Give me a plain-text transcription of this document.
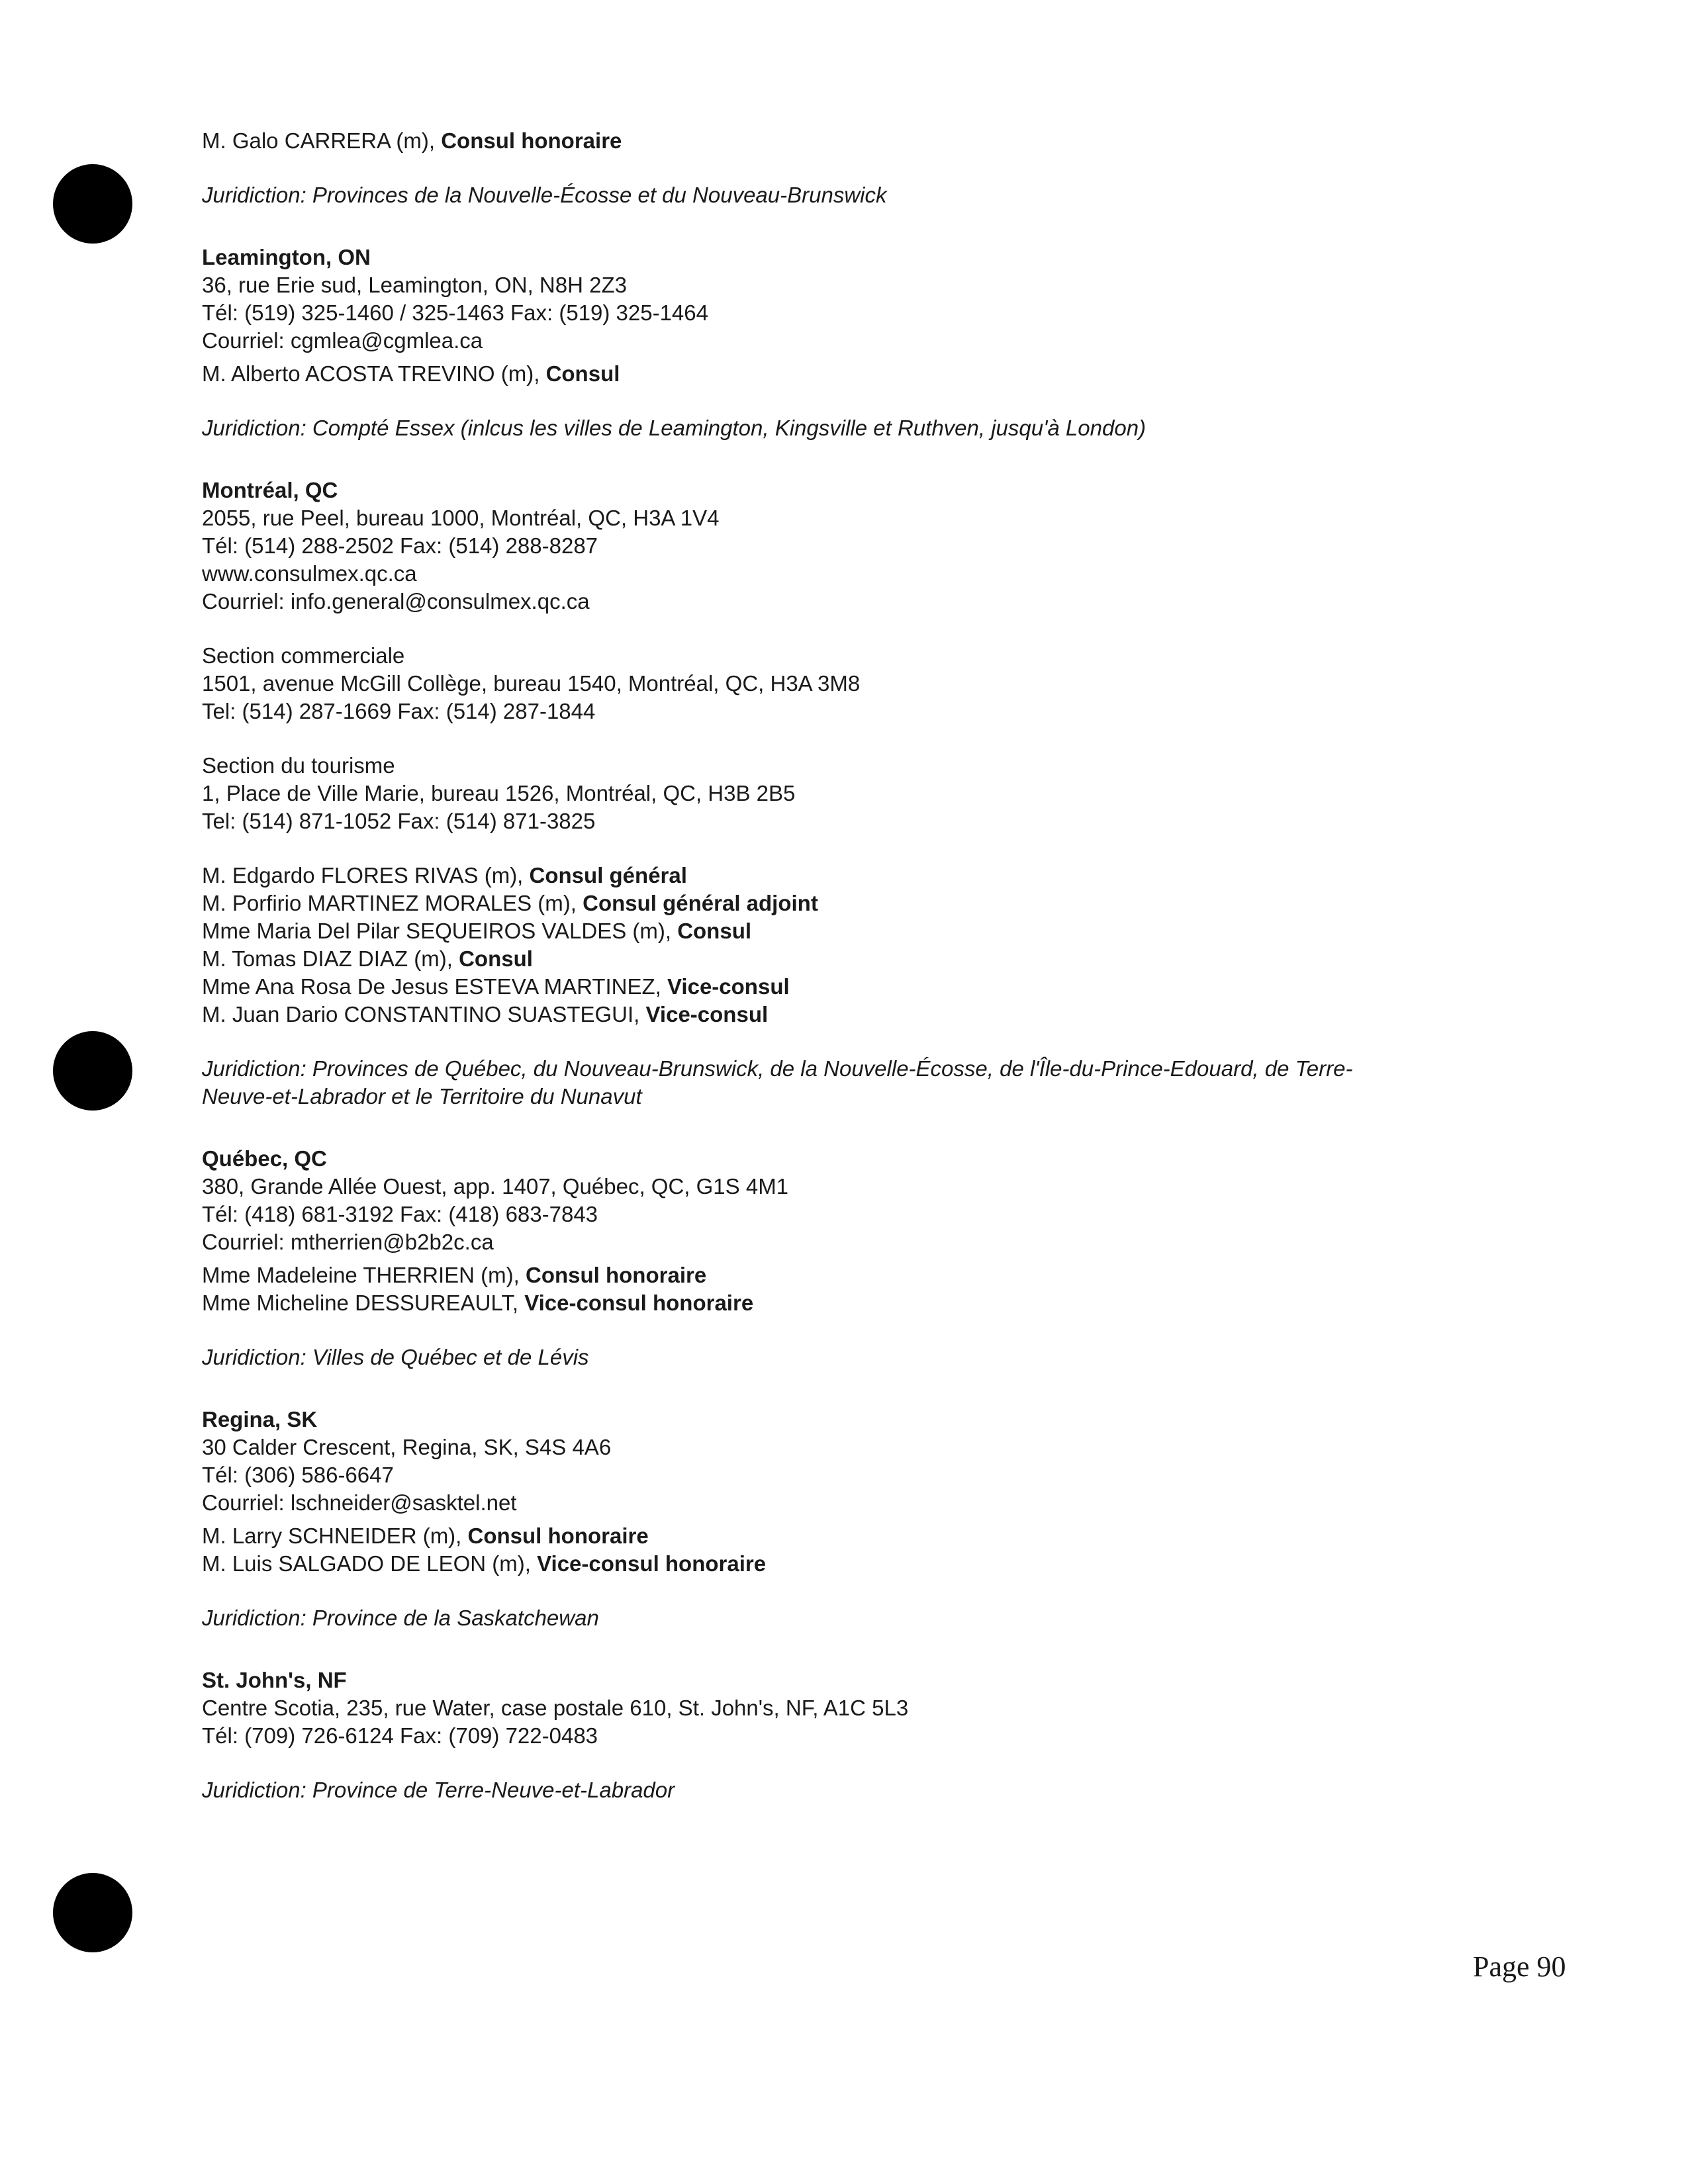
M. Galo CARRERA (m), Consul honoraire
Juridiction: Provinces de la Nouvelle-Écosse et du Nouveau-Brunswick
Leamington, ON
36, rue Erie sud, Leamington, ON, N8H 2Z3
Tél: (519) 325-1460 / 325-1463 Fax: (519) 325-1464
Courriel: cgmlea@cgmlea.ca
M. Alberto ACOSTA TREVINO (m), Consul
Juridiction: Compté Essex (inlcus les villes de Leamington, Kingsville et Ruthven, jusqu'à London)
Montréal, QC
2055, rue Peel, bureau 1000, Montréal, QC, H3A 1V4
Tél: (514) 288-2502 Fax: (514) 288-8287
www.consulmex.qc.ca
Courriel: info.general@consulmex.qc.ca
Section commerciale
1501, avenue McGill Collège, bureau 1540, Montréal, QC, H3A 3M8
Tel: (514) 287-1669 Fax: (514) 287-1844
Section du tourisme
1, Place de Ville Marie, bureau 1526, Montréal, QC, H3B 2B5
Tel: (514) 871-1052 Fax: (514) 871-3825
M. Edgardo FLORES RIVAS (m), Consul général
M. Porfirio MARTINEZ MORALES (m), Consul général adjoint
Mme Maria Del Pilar SEQUEIROS VALDES (m), Consul
M. Tomas DIAZ DIAZ (m), Consul
Mme Ana Rosa De Jesus ESTEVA MARTINEZ, Vice-consul
M. Juan Dario CONSTANTINO SUASTEGUI, Vice-consul
Juridiction: Provinces de Québec, du Nouveau-Brunswick, de la Nouvelle-Écosse, de l'Île-du-Prince-Edouard, de Terre-
Neuve-et-Labrador et le Territoire du Nunavut
Québec, QC
380, Grande Allée Ouest, app. 1407, Québec, QC, G1S 4M1
Tél: (418) 681-3192 Fax: (418) 683-7843
Courriel: mtherrien@b2b2c.ca
Mme Madeleine THERRIEN (m), Consul honoraire
Mme Micheline DESSUREAULT, Vice-consul honoraire
Juridiction: Villes de Québec et de Lévis
Regina, SK
30 Calder Crescent, Regina, SK, S4S 4A6
Tél: (306) 586-6647
Courriel: lschneider@sasktel.net
M. Larry SCHNEIDER (m), Consul honoraire
M. Luis SALGADO DE LEON (m), Vice-consul honoraire
Juridiction: Province de la Saskatchewan
St. John's, NF
Centre Scotia, 235, rue Water, case postale 610, St. John's, NF, A1C 5L3
Tél: (709) 726-6124 Fax: (709) 722-0483
Juridiction: Province de Terre-Neuve-et-Labrador
Page 90
